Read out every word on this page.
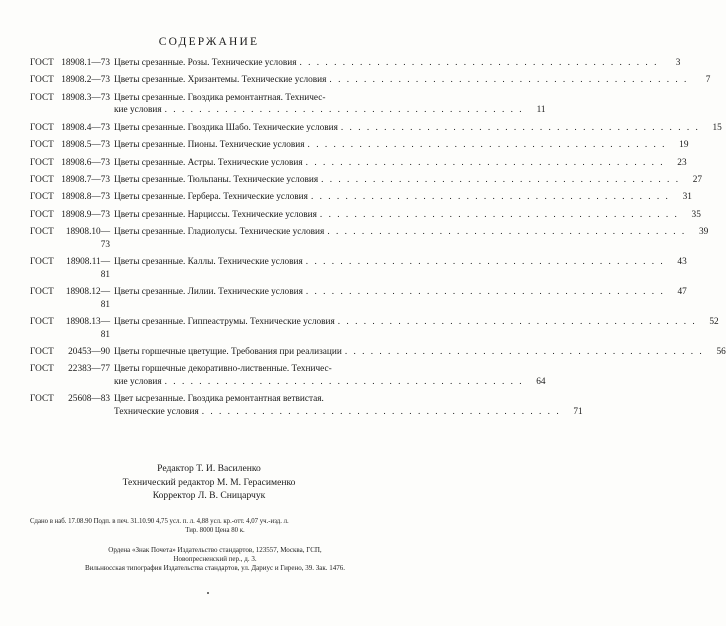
СОДЕРЖАНИЕ
ГОСТ 18908.1—73 Цветы срезанные. Розы. Технические условия . . .	3
ГОСТ 18908.2—73 Цветы срезанные. Хризантемы. Технические условия . . .	7
ГОСТ 18908.3—73 Цветы срезанные. Гвоздика ремонтантная. Техничес-
кие условия . . .	11
ГОСТ 18908.4—73 Цветы срезанные. Гвоздика Шабо. Технические условия . . .	15
ГОСТ 18908.5—73 Цветы срезанные. Пионы. Технические условия . . .	19
ГОСТ 18908.6—73 Цветы срезанные. Астры. Технические условия . . .	23
ГОСТ 18908.7—73 Цветы срезанные. Тюльпаны. Технические условия . . .	27
ГОСТ 18908.8—73 Цветы срезанные. Гербера. Технические условия . . .	31
ГОСТ 18908.9—73 Цветы срезанные. Нарциссы. Технические условия . . .	35
ГОСТ	18908.10—73
Цветы срезанные. Гладиолусы. Технические условия . . .	39
ГОСТ	18908.11—81
Цветы срезанные. Каллы. Технические условия . . .	43
ГОСТ	18908.12—81
Цветы срезанные. Лилии. Технические условия . . .	47
ГОСТ	18908.13—81
Цветы срезанные. Гиппеаструмы. Технические условия . . .	52
ГОСТ	20453—90 Цветы горшечные цветущие. Требования при реализации . . .	56
ГОСТ	22383—77 Цветы горшечные декоративно-лиственные. Техничес-
кие условия . . .	64
ГОСТ	25608—83 Цвет ысрезанные. Гвоздика ремонтантная ветвистая.
Технические условия . . .	71
Редактор Т. И. Василенко
Технический редактор М. М. Герасименко
Корректор Л. В. Сницарчук
Сдано в наб. 17.08.90 Подп. в печ. 31.10.90 4,75 усл. п. л. 4,88 усл. кр.-отт. 4,07 уч.-изд. л.
Тир. 8000 Цена 80 к.
Ордена «Знак Почета» Издательство стандартов, 123557, Москва, ГСП,
Новопресненский пер., д. 3.
Вильнюсская типография Издательства стандартов, ул. Дариус и Гирено, 39. Зак. 1476.
